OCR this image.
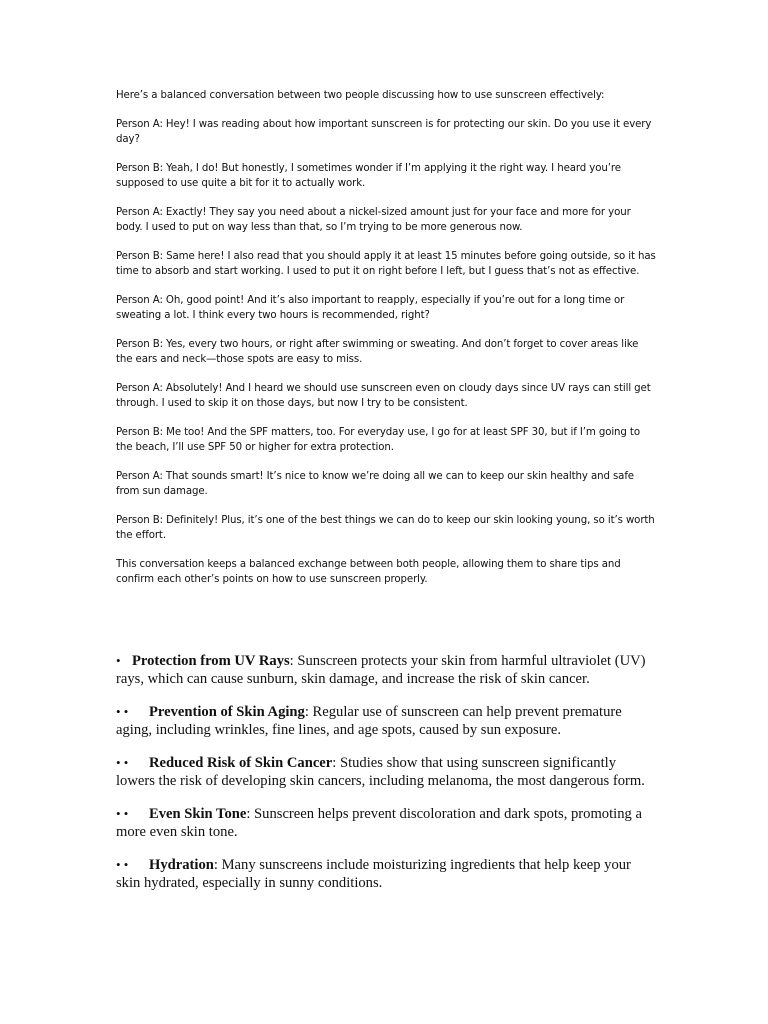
Here’s a balanced conversation between two people discussing how to use sunscreen effectively:

Person A: Hey! I was reading about how important sunscreen is for protecting our skin. Do you use it every day?

Person B: Yeah, I do! But honestly, I sometimes wonder if I’m applying it the right way. I heard you’re supposed to use quite a bit for it to actually work.

Person A: Exactly! They say you need about a nickel-sized amount just for your face and more for your body. I used to put on way less than that, so I’m trying to be more generous now.

Person B: Same here! I also read that you should apply it at least 15 minutes before going outside, so it has time to absorb and start working. I used to put it on right before I left, but I guess that’s not as effective.

Person A: Oh, good point! And it’s also important to reapply, especially if you’re out for a long time or sweating a lot. I think every two hours is recommended, right?

Person B: Yes, every two hours, or right after swimming or sweating. And don’t forget to cover areas like the ears and neck—those spots are easy to miss.

Person A: Absolutely! And I heard we should use sunscreen even on cloudy days since UV rays can still get through. I used to skip it on those days, but now I try to be consistent.

Person B: Me too! And the SPF matters, too. For everyday use, I go for at least SPF 30, but if I’m going to the beach, I’ll use SPF 50 or higher for extra protection.

Person A: That sounds smart! It’s nice to know we’re doing all we can to keep our skin healthy and safe from sun damage.

Person B: Definitely! Plus, it’s one of the best things we can do to keep our skin looking young, so it’s worth the effort.

This conversation keeps a balanced exchange between both people, allowing them to share tips and confirm each other’s points on how to use sunscreen properly.

• Protection from UV Rays: Sunscreen protects your skin from harmful ultraviolet (UV) rays, which can cause sunburn, skin damage, and increase the risk of skin cancer.
• • Prevention of Skin Aging: Regular use of sunscreen can help prevent premature aging, including wrinkles, fine lines, and age spots, caused by sun exposure.
• • Reduced Risk of Skin Cancer: Studies show that using sunscreen significantly lowers the risk of developing skin cancers, including melanoma, the most dangerous form.
• • Even Skin Tone: Sunscreen helps prevent discoloration and dark spots, promoting a more even skin tone.
• • Hydration: Many sunscreens include moisturizing ingredients that help keep your skin hydrated, especially in sunny conditions.
